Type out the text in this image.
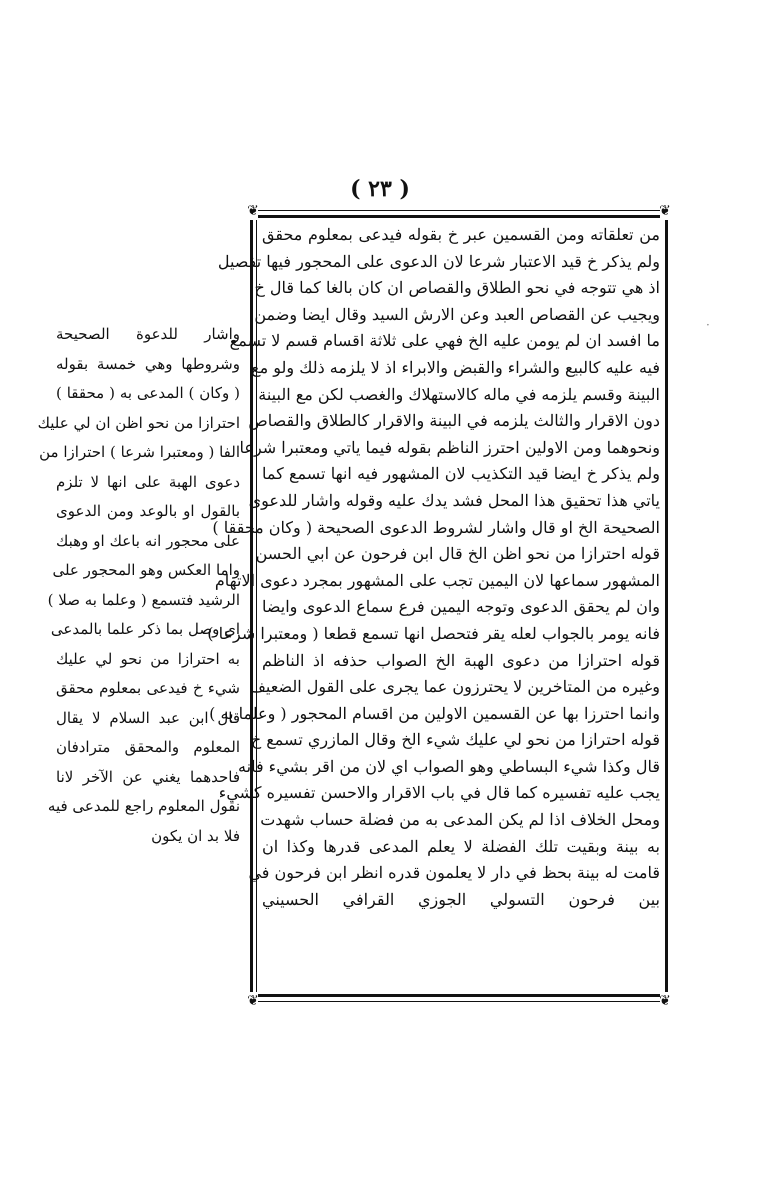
( ٢٣ )
❦	❦
❦	❦
من تعلقاته ومن القسمين عبر خ بقوله فيدعى بمعلوم محقق
ولم يذكر خ قيد الاعتبار شرعا لان الدعوى على المحجور فيها تفصيل
اذ هي تتوجه في نحو الطلاق والقصاص ان كان بالغا كما قال خ
ويجيب عن القصاص العبد وعن الارش السيد وقال ايضا وضمن
ما افسد ان لم يومن عليه الخ فهي على ثلاثة اقسام قسم لا تسمع
فيه عليه كالبيع والشراء والقبض والابراء اذ لا يلزمه ذلك ولو مع
البينة وقسم يلزمه في ماله كالاستهلاك والغصب لكن مع البينة
دون الاقرار والثالث يلزمه في البينة والاقرار كالطلاق والقصاص
ونحوهما ومن الاولين احترز الناظم بقوله فيما ياتي ومعتبرا شرعا
ولم يذكر خ ايضا قيد التكذيب لان المشهور فيه انها تسمع كما
ياتي هذا تحقيق هذا المحل فشد يدك عليه وقوله واشار للدعوى
الصحيحة الخ او قال واشار لشروط الدعوى الصحيحة ( وكان محققا )
قوله احترازا من نحو اظن الخ قال ابن فرحون عن ابي الحسن
المشهور سماعها لان اليمين تجب على المشهور بمجرد دعوى الاتهام
وان لم يحقق الدعوى وتوجه اليمين فرع سماع الدعوى وايضا
فانه يومر بالجواب لعله يقر فتحصل انها تسمع قطعا ( ومعتبرا شرعا )
قوله احترازا من دعوى الهبة الخ الصواب حذفه اذ الناظم
وغيره من المتاخرين لا يحترزون عما يجرى على القول الضعيف
وانما احترزا بها عن القسمين الاولين من اقسام المحجور ( وعلما به )
قوله احترازا من نحو لي عليك شيء الخ وقال المازري تسمع خ
قال وكذا شيء البساطي وهو الصواب اي لان من اقر بشيء فانه
يجب عليه تفسيره كما قال في باب الاقرار والاحسن تفسيره كشيء
ومحل الخلاف اذا لم يكن المدعى به من فضلة حساب شهدت
به بينة وبقيت تلك الفضلة لا يعلم المدعى قدرها وكذا ان
قامت له بينة بحظ في دار لا يعلمون قدره انظر ابن فرحون في
بين فرحون التسولي الجوزي القرافي الحسيني
واشار للدعوة الصحيحة
وشروطها وهي خمسة بقوله
( وكان ) المدعى به ( محققا )
احترازا من نحو اظن ان لي عليك
الفا ( ومعتبرا شرعا ) احترازا من
دعوى الهبة على انها لا تلزم
بالقول او بالوعد ومن الدعوى
على محجور انه باعك او وهبك
واما العكس وهو المحجور على
الرشيد فتسمع ( وعلما به صلا )
اي وصل بما ذكر علما بالمدعى
به احترازا من نحو لي عليك
شيء خ فيدعى بمعلوم محقق
قال ابن عبد السلام لا يقال
المعلوم والمحقق مترادفان
فاحدهما يغني عن الآخر لانا
نقول المعلوم راجع للمدعى فيه
فلا بد ان يكون
·
